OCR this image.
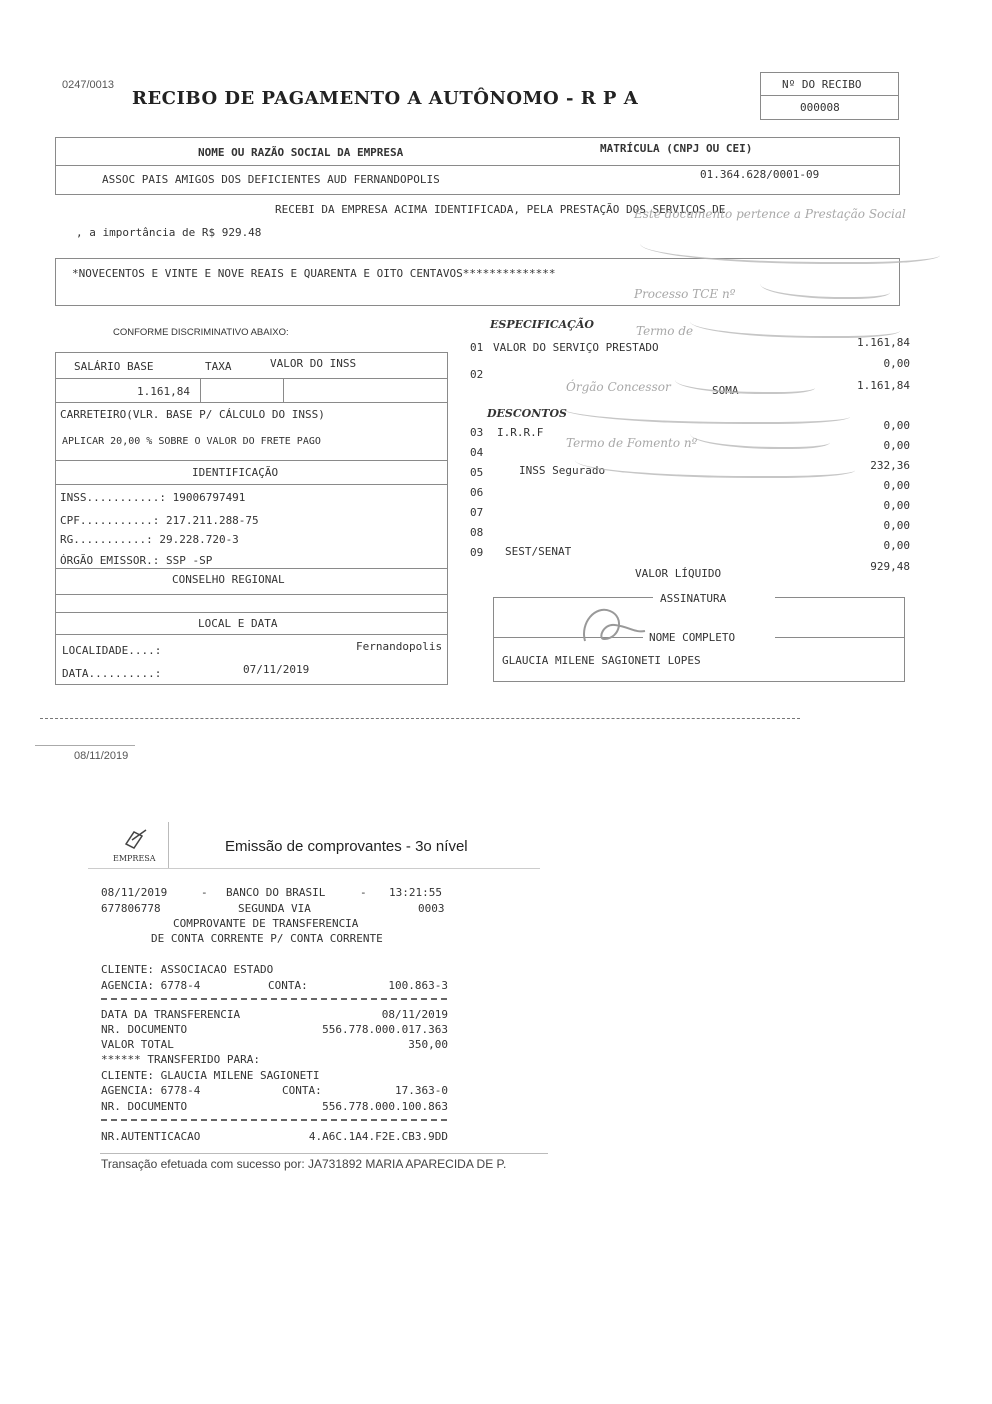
0247/0013
RECIBO DE PAGAMENTO A AUTÔNOMO - R P A
Nº DO RECIBO
000008
NOME OU RAZÃO SOCIAL DA EMPRESA	MATRÍCULA (CNPJ OU CEI)
ASSOC PAIS AMIGOS DOS DEFICIENTES AUD FERNANDOPOLIS	01.364.628/0001-09
RECEBI DA EMPRESA ACIMA IDENTIFICADA, PELA PRESTAÇÃO DOS SERVIÇOS DE
, a importância de R$ 929.48
*NOVECENTOS E VINTE E NOVE REAIS E QUARENTA E OITO CENTAVOS**************
CONFORME DISCRIMINATIVO ABAIXO:
SALÁRIO BASE	TAXA	VALOR DO INSS
1.161,84
CARRETEIRO(VLR. BASE P/ CÁLCULO DO INSS)
APLICAR 20,00 % SOBRE O VALOR DO FRETE PAGO
IDENTIFICAÇÃO
INSS...........: 19006797491
CPF...........: 217.211.288-75
RG...........: 29.228.720-3
ÓRGÃO EMISSOR.: SSP -SP
CONSELHO REGIONAL
LOCAL E DATA
LOCALIDADE....:	Fernandopolis
DATA..........:	07/11/2019
ESPECIFICAÇÃO
01 VALOR DO SERVIÇO PRESTADO	1.161,84
02
0,00
SOMA	1.161,84
DESCONTOS
03 I.R.R.F
0,00
04
0,00
05	INSS Segurado	232,36
06
0,00
07
0,00
08
0,00
09 SEST/SENAT	0,00
VALOR LÍQUIDO
929,48
ASSINATURA
NOME COMPLETO
GLAUCIA MILENE SAGIONETI LOPES
Este documento pertence a Prestação Social
Processo TCE nº
Termo de
Órgão Concessor
Termo de Fomento nº
08/11/2019
EMPRESA
Emissão de comprovantes - 3o nível
08/11/2019	- BANCO DO BRASIL	- 13:21:55
677806778	SEGUNDA VIA	0003
COMPROVANTE DE TRANSFERENCIA
DE CONTA CORRENTE P/ CONTA CORRENTE
CLIENTE: ASSOCIACAO ESTADO
AGENCIA: 6778-4	CONTA:	100.863-3
DATA DA TRANSFERENCIA	08/11/2019
NR. DOCUMENTO	556.778.000.017.363
VALOR TOTAL	350,00
****** TRANSFERIDO PARA:
CLIENTE: GLAUCIA MILENE SAGIONETI
AGENCIA: 6778-4	CONTA:	17.363-0
NR. DOCUMENTO	556.778.000.100.863
NR.AUTENTICACAO	4.A6C.1A4.F2E.CB3.9DD
Transação efetuada com sucesso por: JA731892 MARIA APARECIDA DE P.
